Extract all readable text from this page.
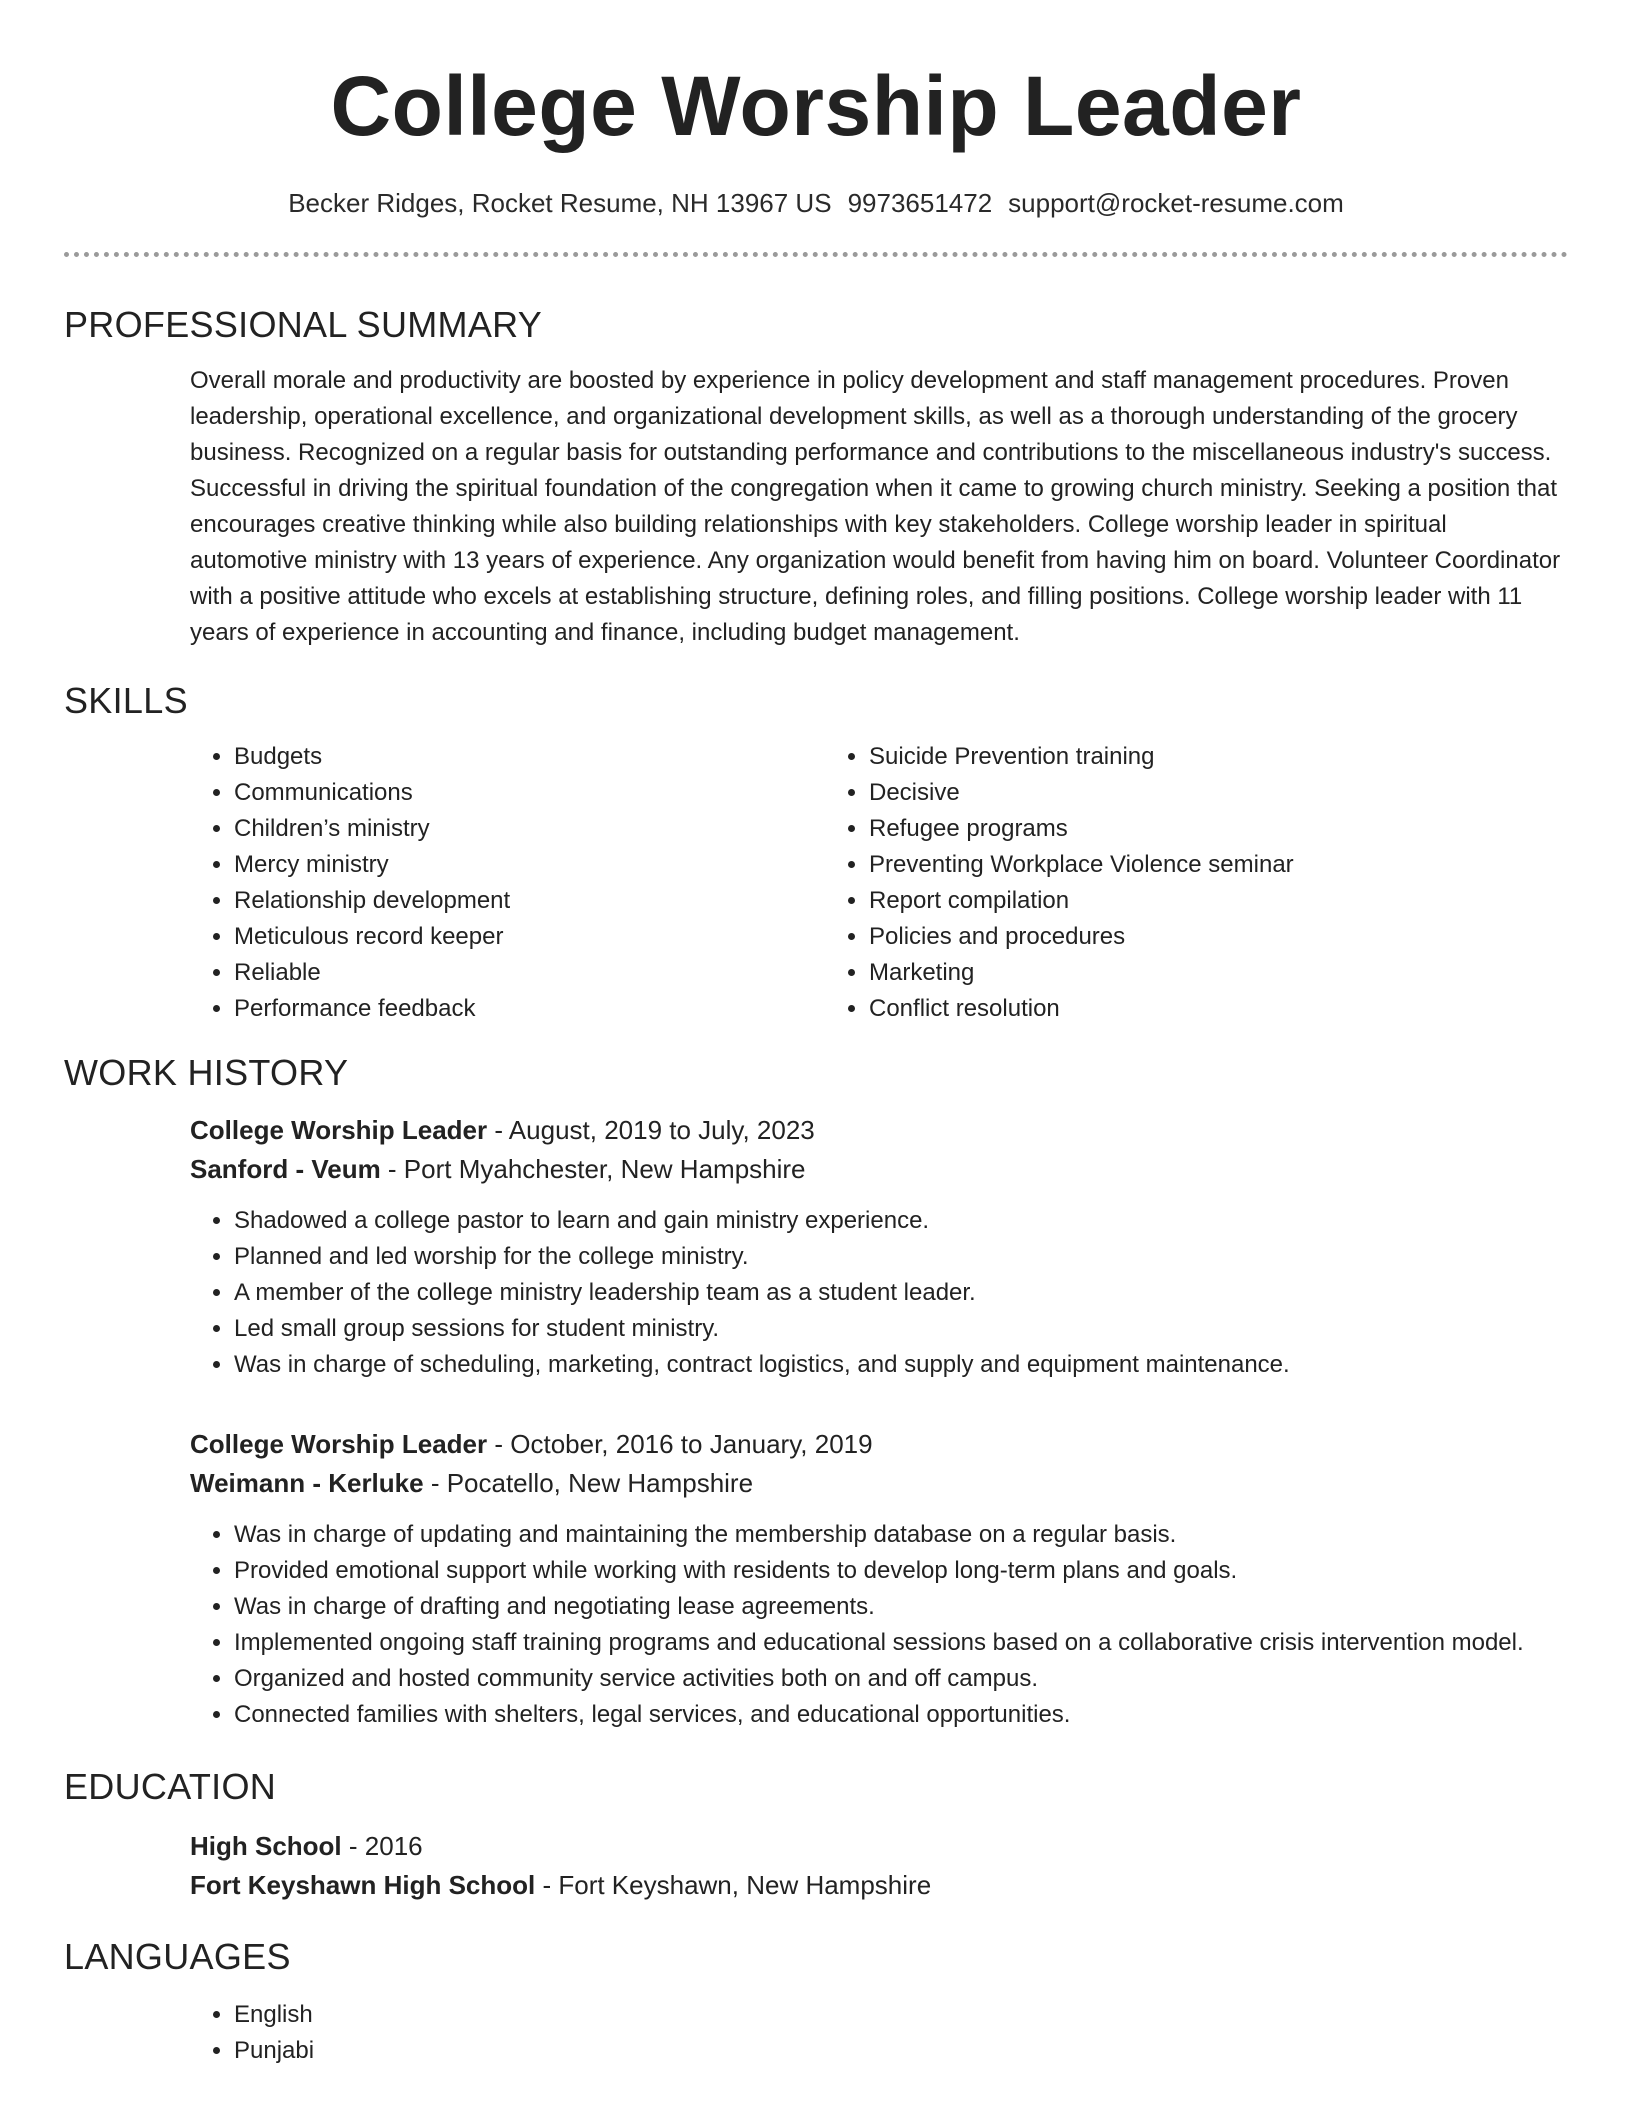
College Worship Leader
Becker Ridges, Rocket Resume, NH 13967 US 9973651472 support@rocket-resume.com
PROFESSIONAL SUMMARY

Overall morale and productivity are boosted by experience in policy development and staff management procedures. Proven leadership, operational excellence, and organizational development skills, as well as a thorough understanding of the grocery business. Recognized on a regular basis for outstanding performance and contributions to the miscellaneous industry's success. Successful in driving the spiritual foundation of the congregation when it came to growing church ministry. Seeking a position that encourages creative thinking while also building relationships with key stakeholders. College worship leader in spiritual automotive ministry with 13 years of experience. Any organization would benefit from having him on board. Volunteer Coordinator with a positive attitude who excels at establishing structure, defining roles, and filling positions. College worship leader with 11 years of experience in accounting and finance, including budget management.

SKILLS
• Budgets
• Communications
• Children’s ministry
• Mercy ministry
• Relationship development
• Meticulous record keeper
• Reliable
• Performance feedback
• Suicide Prevention training
• Decisive
• Refugee programs
• Preventing Workplace Violence seminar
• Report compilation
• Policies and procedures
• Marketing
• Conflict resolution
WORK HISTORY
College Worship Leader - August, 2019 to July, 2023
Sanford - Veum - Port Myahchester, New Hampshire
• Shadowed a college pastor to learn and gain ministry experience.
• Planned and led worship for the college ministry.
• A member of the college ministry leadership team as a student leader.
• Led small group sessions for student ministry.
• Was in charge of scheduling, marketing, contract logistics, and supply and equipment maintenance.
College Worship Leader - October, 2016 to January, 2019
Weimann - Kerluke - Pocatello, New Hampshire
• Was in charge of updating and maintaining the membership database on a regular basis.
• Provided emotional support while working with residents to develop long-term plans and goals.
• Was in charge of drafting and negotiating lease agreements.
• Implemented ongoing staff training programs and educational sessions based on a collaborative crisis intervention model.
• Organized and hosted community service activities both on and off campus.
• Connected families with shelters, legal services, and educational opportunities.
EDUCATION
High School - 2016
Fort Keyshawn High School - Fort Keyshawn, New Hampshire
LANGUAGES
• English
• Punjabi
